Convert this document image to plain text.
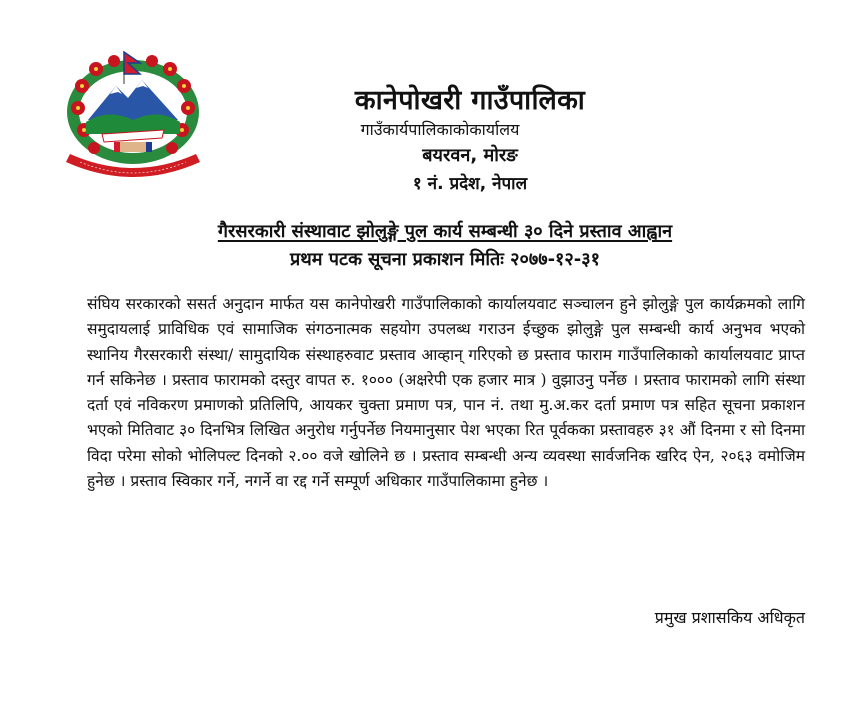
कानेपोखरी गाउँपालिका
गाउँकार्यपालिकाकोकार्यालय
बयरवन, मोरङ
१ नं. प्रदेश, नेपाल
गैरसरकारी संस्थावाट झोलुङ्गे पुल कार्य सम्बन्धी ३० दिने प्रस्ताव आह्वान
प्रथम पटक सूचना प्रकाशन मितिः २०७७-१२-३१

संघिय सरकारको ससर्त अनुदान मार्फत यस कानेपोखरी गाउँपालिकाको कार्यालयवाट सञ्चालन हुने झोलुङ्गे पुल कार्यक्रमको लागि समुदायलाई प्राविधिक एवं सामाजिक संगठनात्मक सहयोग उपलब्ध गराउन ईच्छुक झोलुङ्गे पुल सम्बन्धी कार्य अनुभव भएको स्थानिय गैरसरकारी संस्था/ सामुदायिक संस्थाहरुवाट प्रस्ताव आव्हान् गरिएको छ प्रस्ताव फाराम गाउँपालिकाको कार्यालयवाट प्राप्त गर्न सकिनेछ । प्रस्ताव फारामको दस्तुर वापत रु. १००० (अक्षरेपी एक हजार मात्र ) वुझाउनु पर्नेछ । प्रस्ताव फारामको लागि संस्था दर्ता एवं नविकरण प्रमाणको प्रतिलिपि, आयकर चुक्ता प्रमाण पत्र, पान नं. तथा मु.अ.कर दर्ता प्रमाण पत्र सहित सूचना प्रकाशन भएको मितिवाट ३० दिनभित्र लिखित अनुरोध गर्नुपर्नेछ नियमानुसार पेश भएका रित पूर्वकका प्रस्तावहरु ३१ औं दिनमा र सो दिनमा विदा परेमा सोको भोलिपल्ट दिनको २.०० वजे खोलिने छ । प्रस्ताव सम्बन्धी अन्य व्यवस्था सार्वजनिक खरिद ऐन, २०६३ वमोजिम हुनेछ । प्रस्ताव स्विकार गर्ने, नगर्ने वा रद्द गर्ने सम्पूर्ण अधिकार गाउँपालिकामा हुनेछ ।

प्रमुख प्रशासकिय अधिकृत
